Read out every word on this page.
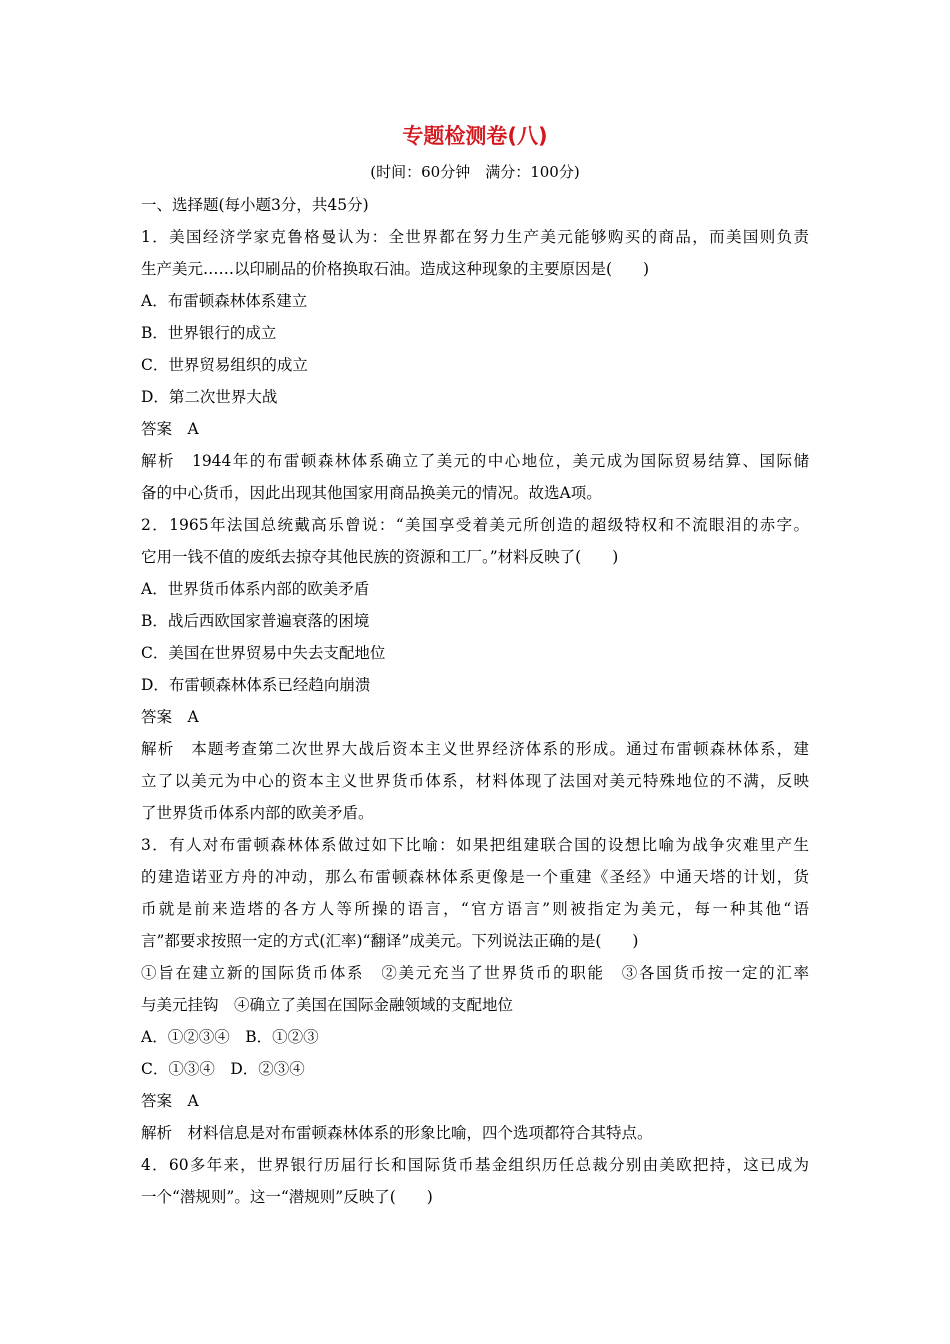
专题检测卷(八)
(时间：60分钟　满分：100分)
一、选择题(每小题3分，共45分)
1．美国经济学家克鲁格曼认为：全世界都在努力生产美元能够购买的商品，而美国则负责
生产美元……以印刷品的价格换取石油。造成这种现象的主要原因是(　　)
A．布雷顿森林体系建立
B．世界银行的成立
C．世界贸易组织的成立
D．第二次世界大战
答案　A
解析　1944年的布雷顿森林体系确立了美元的中心地位，美元成为国际贸易结算、国际储
备的中心货币，因此出现其他国家用商品换美元的情况。故选A项。
2．1965年法国总统戴高乐曾说：“美国享受着美元所创造的超级特权和不流眼泪的赤字。
它用一钱不值的废纸去掠夺其他民族的资源和工厂。”材料反映了(　　)
A．世界货币体系内部的欧美矛盾
B．战后西欧国家普遍衰落的困境
C．美国在世界贸易中失去支配地位
D．布雷顿森林体系已经趋向崩溃
答案　A
解析　本题考查第二次世界大战后资本主义世界经济体系的形成。通过布雷顿森林体系，建
立了以美元为中心的资本主义世界货币体系，材料体现了法国对美元特殊地位的不满，反映
了世界货币体系内部的欧美矛盾。
3．有人对布雷顿森林体系做过如下比喻：如果把组建联合国的设想比喻为战争灾难里产生
的建造诺亚方舟的冲动，那么布雷顿森林体系更像是一个重建《圣经》中通天塔的计划，货
币就是前来造塔的各方人等所操的语言，“官方语言”则被指定为美元，每一种其他“语
言”都要求按照一定的方式(汇率)“翻译”成美元。下列说法正确的是(　　)
①旨在建立新的国际货币体系　②美元充当了世界货币的职能　③各国货币按一定的汇率
与美元挂钩　④确立了美国在国际金融领域的支配地位
A．①②③④　B．①②③
C．①③④　D．②③④
答案　A
解析　材料信息是对布雷顿森林体系的形象比喻，四个选项都符合其特点。
4．60多年来，世界银行历届行长和国际货币基金组织历任总裁分别由美欧把持，这已成为
一个“潜规则”。这一“潜规则”反映了(　　)
